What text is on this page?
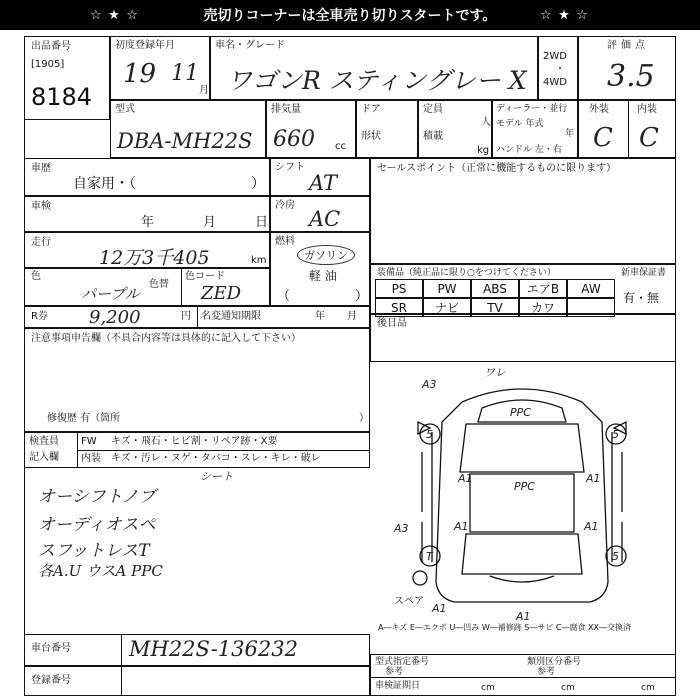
☆ ★ ☆	売切りコーナーは全車売り切りスタートです。	☆ ★ ☆
出品番号
[1905]
8184
初度登録年月
19 11
月
車名・グレード
ワゴンR スティングレー X
2WD
・
4WD
評価点
3.5
型式
DBA-MH22S
排気量
660 cc
ドア
形状
定員
人
積載
kg
ディーラー・並行
モデル 年式
年
ハンドル 左・右
外装	内装
C C
車歴
自家用・（	）
車検
年	月	日
走行
12万3千405	km
色
パープル
色替
色コード
ZED
シフト
AT
冷房
AC
燃料
ガソリン
軽 油
（	）
セールスポイント（正常に機能するものに限ります）
装備品（純正品に限り○をつけてください）	新車保証書
PS	PW	ABS	エアB	AW
SR	ナビ	TV	カワ
有・無
後日品
R券 9,200	円 名変通知期限	年 月
注意事項申告欄（不具合内容等は具体的に記入して下さい）
修復歴 有（箇所	）
検査員
記入欄
FW キズ・飛石・ヒビ割・リペア跡・X要
内装 キズ・汚レ・ヌゲ・タバコ・スレ・キレ・破レ
シート
オーシフトノブ
オーディオスペ
スフットレスT
各A.U ウスA PPC
ワレ
A3
PPC
5	5
A1
PPC
A1
A3	A1	A1
T	5
スペア
A1
A1
A―キズ E―エクボ U―凹み W―補修跡 S―サビ C―腐食 XX―交換済
車台番号	MH22S-136232
登録番号
型式指定番号
参考
類別区分番号
参考
車検証期日	cm	cm	cm
